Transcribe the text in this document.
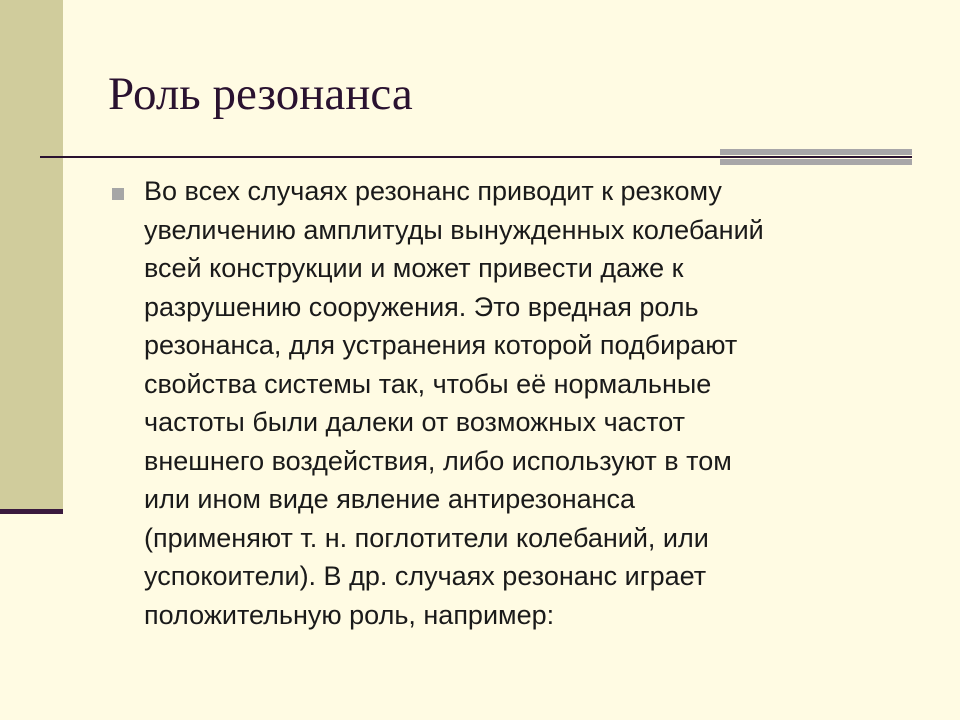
Роль резонанса
Во всех случаях резонанс приводит к резкому
увеличению амплитуды вынужденных колебаний
всей конструкции и может привести даже к
разрушению сооружения. Это вредная роль
резонанса, для устранения которой подбирают
свойства системы так, чтобы её нормальные
частоты были далеки от возможных частот
внешнего воздействия, либо используют в том
или ином виде явление антирезонанса
(применяют т. н. поглотители колебаний, или
успокоители). В др. случаях резонанс играет
положительную роль, например:
